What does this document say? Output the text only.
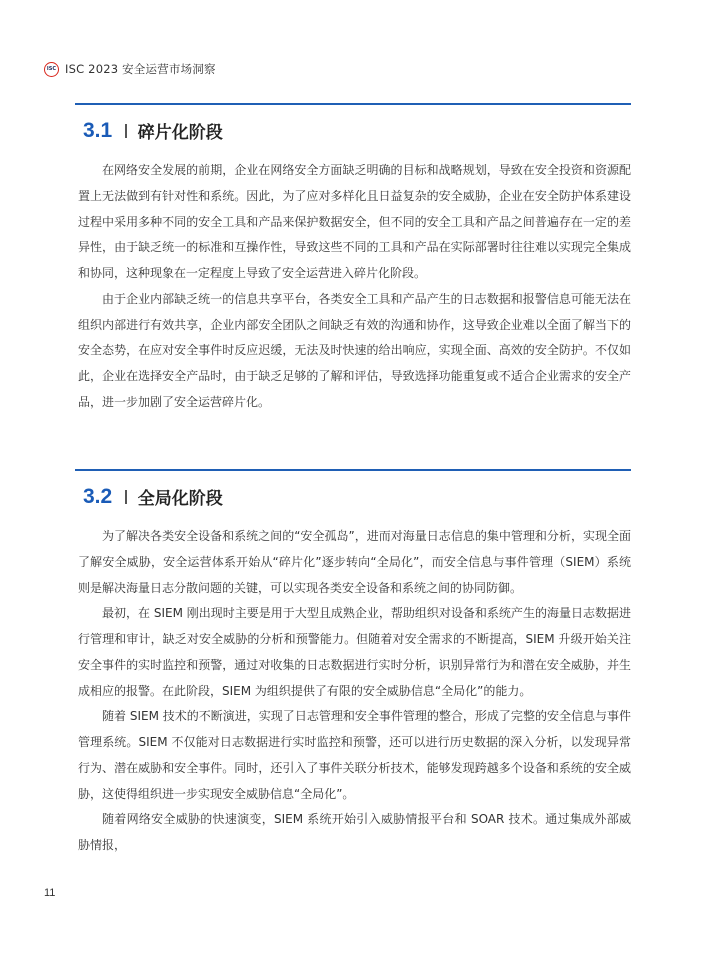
ISC ISC 2023 安全运营市场洞察
3.1 碎片化阶段

在网络安全发展的前期，企业在网络安全方面缺乏明确的目标和战略规划，导致在安全投资和资源配置上无法做到有针对性和系统。因此，为了应对多样化且日益复杂的安全威胁，企业在安全防护体系建设过程中采用多种不同的安全工具和产品来保护数据安全，但不同的安全工具和产品之间普遍存在一定的差异性，由于缺乏统一的标准和互操作性，导致这些不同的工具和产品在实际部署时往往难以实现完全集成和协同，这种现象在一定程度上导致了安全运营进入碎片化阶段。

由于企业内部缺乏统一的信息共享平台，各类安全工具和产品产生的日志数据和报警信息可能无法在组织内部进行有效共享，企业内部安全团队之间缺乏有效的沟通和协作，这导致企业难以全面了解当下的安全态势，在应对安全事件时反应迟缓，无法及时快速的给出响应，实现全面、高效的安全防护。不仅如此，企业在选择安全产品时，由于缺乏足够的了解和评估，导致选择功能重复或不适合企业需求的安全产品，进一步加剧了安全运营碎片化。

3.2 全局化阶段

为了解决各类安全设备和系统之间的“安全孤岛”，进而对海量日志信息的集中管理和分析，实现全面了解安全威胁，安全运营体系开始从“碎片化”逐步转向“全局化”，而安全信息与事件管理（SIEM）系统则是解决海量日志分散问题的关键，可以实现各类安全设备和系统之间的协同防御。

最初，在 SIEM 刚出现时主要是用于大型且成熟企业，帮助组织对设备和系统产生的海量日志数据进行管理和审计，缺乏对安全威胁的分析和预警能力。但随着对安全需求的不断提高，SIEM 升级开始关注安全事件的实时监控和预警，通过对收集的日志数据进行实时分析，识别异常行为和潜在安全威胁，并生成相应的报警。在此阶段，SIEM 为组织提供了有限的安全威胁信息“全局化”的能力。

随着 SIEM 技术的不断演进，实现了日志管理和安全事件管理的整合，形成了完整的安全信息与事件管理系统。SIEM 不仅能对日志数据进行实时监控和预警，还可以进行历史数据的深入分析，以发现异常行为、潜在威胁和安全事件。同时，还引入了事件关联分析技术，能够发现跨越多个设备和系统的安全威胁，这使得组织进一步实现安全威胁信息“全局化”。

随着网络安全威胁的快速演变，SIEM 系统开始引入威胁情报平台和 SOAR 技术。通过集成外部威胁情报，

11
